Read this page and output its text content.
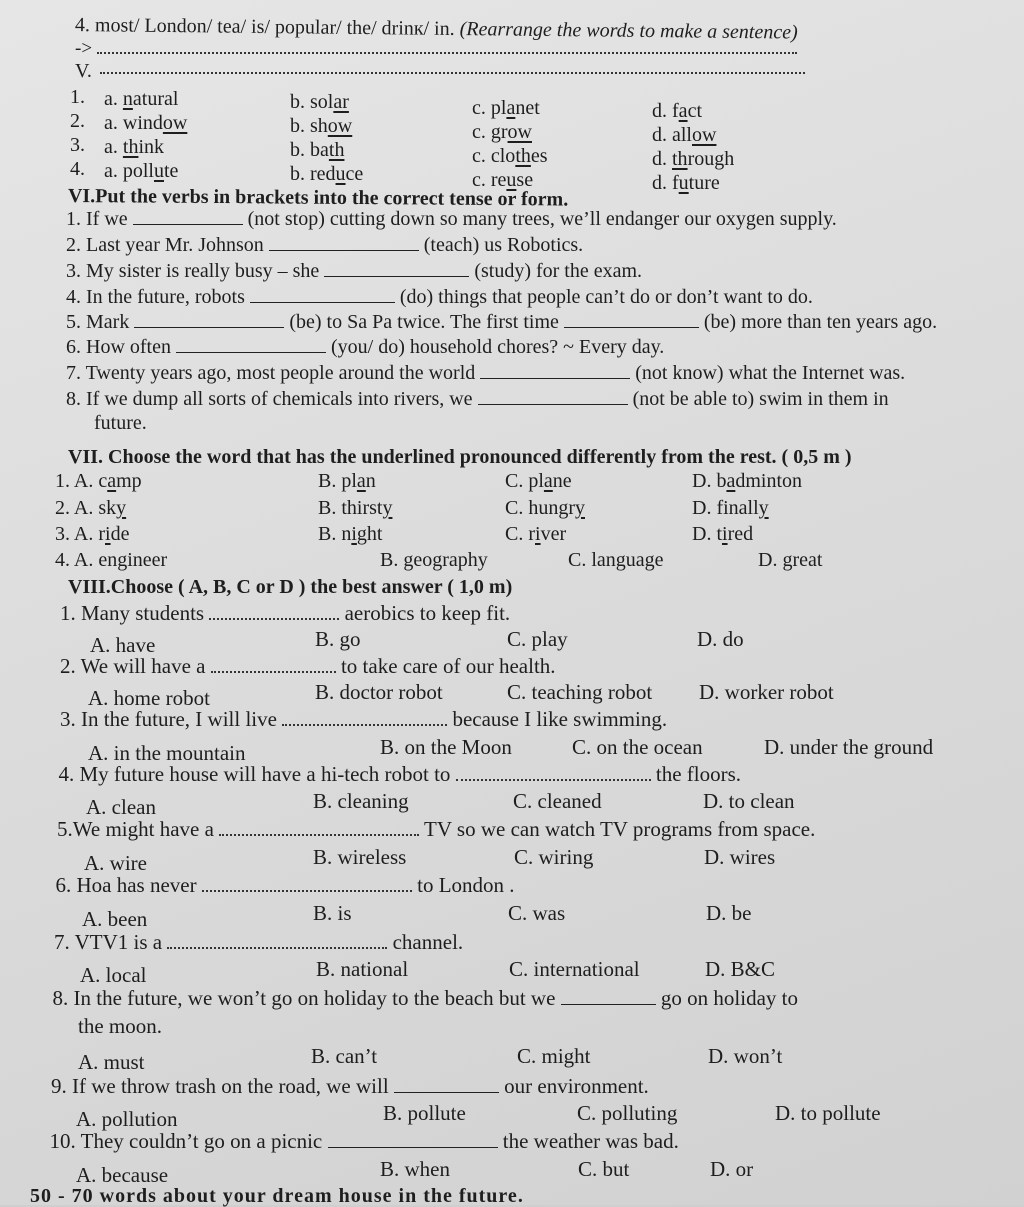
4. most/ London/ tea/ is/ popular/ the/ drinк/ in. (Rearrange the words to make a sentence)
->
V.
1. a. natural	b. solar	c. planet	d. fact
2. a. window	b. show	c. grow	d. allow
3. a. think	b. bath	c. clothes	d. through
4. a. pollute	b. reduce	c. reuse	d. future
VI.Put the verbs in brackets into the correct tense or form.
1. If we	(not stop) cutting down so many trees, we’ll endanger our oxygen supply.
2. Last year Mr. Johnson	(teach) us Robotics.
3. My sister is really busy – she	(study) for the exam.
4. In the future, robots	(do) things that people can’t do or don’t want to do.
5. Mark	(be) to Sa Pa twice. The first time	(be) more than ten years ago.
6. How often	(you/ do) household chores? ~ Every day.
7. Twenty years ago, most people around the world	(not know) what the Internet was.
8. If we dump all sorts of chemicals into rivers, we	(not be able to) swim in them in
future.
VII. Choose the word that has the underlined pronounced differently from the rest. ( 0,5 m )
1. A. camp	B. plan	C. plane	D. badminton
2. A. sky	B. thirsty	C. hungry	D. finally
3. A. ride	B. night	C. river	D. tired
4. A. engineer	B. geography	C. language	D. great
VIII.Choose ( A, B, C or D ) the best answer ( 1,0 m)
1. Many students	aerobics to keep fit.
A. have	B. go	C. play	D. do
2. We will have a	to take care of our health.
A. home robot	B. doctor robot	C. teaching robot D. worker robot
3. In the future, I will live	because I like swimming.
A. in the mountain	B. on the Moon	C. on the ocean	D. under the ground
4. My future house will have a hi-tech robot to	the floors.
A. clean	B. cleaning	C. cleaned	D. to clean
5.We might have a	TV so we can watch TV programs from space.
A. wire	B. wireless	C. wiring	D. wires
6. Hoa has never	to London .
A. been	B. is	C. was	D. be
7. VTV1 is a	channel.
A. local	B. national	C. international	D. B&C
8. In the future, we won’t go on holiday to the beach but we	go on holiday to
the moon.
A. must	B. can’t	C. might	D. won’t
9. If we throw trash on the road, we will	our environment.
A. pollution	B. pollute	C. polluting	D. to pollute
10. They couldn’t go on a picnic	the weather was bad.
A. because	B. when	C. but	D. or
50 - 70 words about your dream house in the future.
